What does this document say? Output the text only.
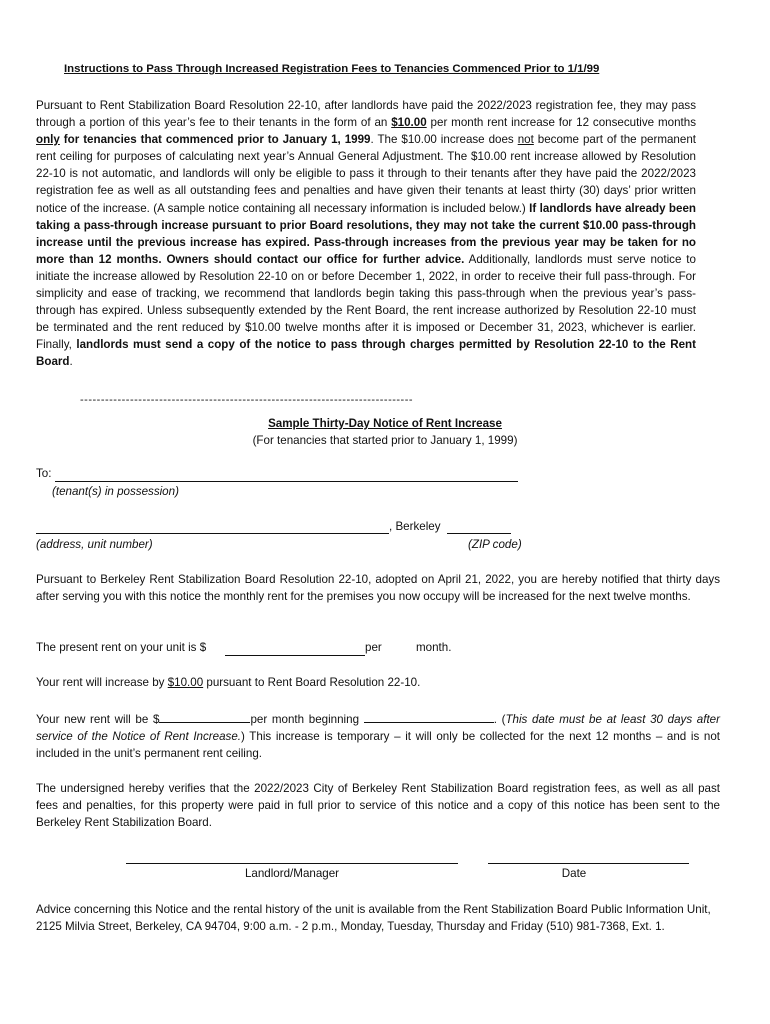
Instructions to Pass Through Increased Registration Fees to Tenancies Commenced Prior to 1/1/99
Pursuant to Rent Stabilization Board Resolution 22-10, after landlords have paid the 2022/2023 registration fee, they may pass through a portion of this year’s fee to their tenants in the form of an $10.00 per month rent increase for 12 consecutive months only for tenancies that commenced prior to January 1, 1999. The $10.00 increase does not become part of the permanent rent ceiling for purposes of calculating next year’s Annual General Adjustment. The $10.00 rent increase allowed by Resolution 22-10 is not automatic, and landlords will only be eligible to pass it through to their tenants after they have paid the 2022/2023 registration fee as well as all outstanding fees and penalties and have given their tenants at least thirty (30) days’ prior written notice of the increase. (A sample notice containing all necessary information is included below.) If landlords have already been taking a pass-through increase pursuant to prior Board resolutions, they may not take the current $10.00 pass-through increase until the previous increase has expired. Pass-through increases from the previous year may be taken for no more than 12 months. Owners should contact our office for further advice. Additionally, landlords must serve notice to initiate the increase allowed by Resolution 22-10 on or before December 1, 2022, in order to receive their full pass-through. For simplicity and ease of tracking, we recommend that landlords begin taking this pass-through when the previous year’s pass-through has expired. Unless subsequently extended by the Rent Board, the rent increase authorized by Resolution 22-10 must be terminated and the rent reduced by $10.00 twelve months after it is imposed or December 31, 2023, whichever is earlier. Finally, landlords must send a copy of the notice to pass through charges permitted by Resolution 22-10 to the Rent Board.
--------------------------------------------------------------------------------
Sample Thirty-Day Notice of Rent Increase
(For tenancies that started prior to January 1, 1999)
To:
(tenant(s) in possession)
, Berkeley
(address, unit number)	(ZIP code)
Pursuant to Berkeley Rent Stabilization Board Resolution 22-10, adopted on April 21, 2022, you are hereby notified that thirty days after serving you with this notice the monthly rent for the premises you now occupy will be increased for the next twelve months.
The present rent on your unit is $	per	month.
Your rent will increase by $10.00 pursuant to Rent Board Resolution 22-10.
Your new rent will be $	per month beginning	. (This date must be at least 30 days after service of the Notice of Rent Increase.) This increase is temporary – it will only be collected for the next 12 months – and is not included in the unit’s permanent rent ceiling.
The undersigned hereby verifies that the 2022/2023 City of Berkeley Rent Stabilization Board registration fees, as well as all past fees and penalties, for this property were paid in full prior to service of this notice and a copy of this notice has been sent to the Berkeley Rent Stabilization Board.
Landlord/Manager	Date
Advice concerning this Notice and the rental history of the unit is available from the Rent Stabilization Board Public Information Unit, 2125 Milvia Street, Berkeley, CA 94704, 9:00 a.m. - 2 p.m., Monday, Tuesday, Thursday and Friday (510) 981-7368, Ext. 1.
